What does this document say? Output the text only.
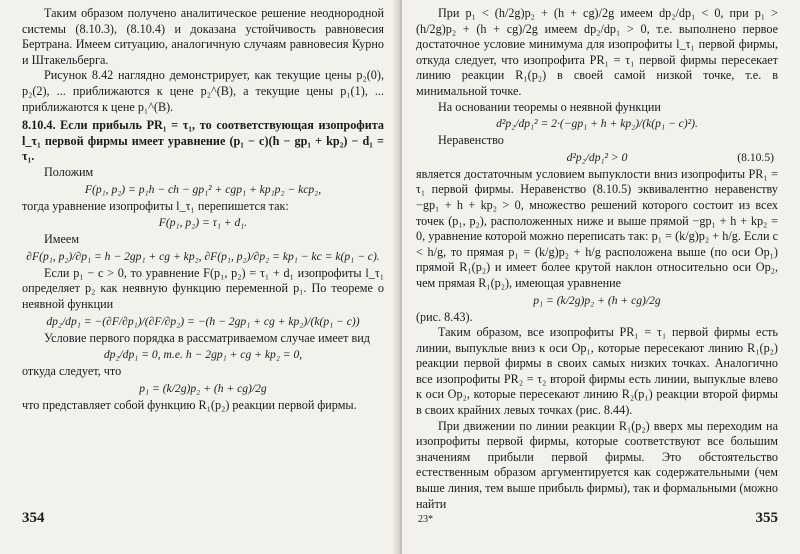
Таким образом получено аналитическое решение неоднородной системы (8.10.3), (8.10.4) и доказана устойчивость равновесия Бертрана. Имеем ситуацию, аналогичную случаям равновесия Курно и Штакельберга.

Рисунок 8.42 наглядно демонстрирует, как текущие цены p₂(0), p₂(2), ... приближаются к цене p₂^(B), а текущие цены p₁(1), ... приближаются к цене p₁^(B).

8.10.4. Если прибыль PR₁ = τ₁, то соответствующая изопрофита l_τ₁ первой фирмы имеет уравнение (p₁ − c)(h − gp₁ + kp₂) − d₁ = τ₁.

Положим

F(p₁, p₂) = p₁h − ch − gp₁² + cgp₁ + kp₁p₂ − kcp₂,

тогда уравнение изопрофиты l_τ₁ перепишется так:

F(p₁, p₂) = τ₁ + d₁.

Имеем

∂F(p₁, p₂)/∂p₁ = h − 2gp₁ + cg + kp₂, ∂F(p₁, p₂)/∂p₂ = kp₁ − kc = k(p₁ − c).

Если p₁ − c > 0, то уравнение F(p₁, p₂) = τ₁ + d₁ изопрофиты l_τ₁ определяет p₂ как неявную функцию переменной p₁. По теореме о неявной функции

dp₂/dp₁ = −(∂F/∂p₁)/(∂F/∂p₂) = −(h − 2gp₁ + cg + kp₂)/(k(p₁ − c))

Условие первого порядка в рассматриваемом случае имеет вид

dp₂/dp₁ = 0, т.е. h − 2gp₁ + cg + kp₂ = 0,

откуда следует, что

p₁ = (k/2g)p₂ + (h + cg)/2g

что представляет собой функцию R₁(p₂) реакции первой фирмы.

354

При p₁ < (h/2g)p₂ + (h + cg)/2g имеем dp₂/dp₁ < 0, при p₁ > (h/2g)p₂ + (h + cg)/2g имеем dp₂/dp₁ > 0, т.е. выполнено первое достаточное условие минимума для изопрофиты l_τ₁ первой фирмы, откуда следует, что изопрофита PR₁ = τ₁ первой фирмы пересекает линию реакции R₁(p₂) в своей самой низкой точке, т.е. в минимальной точке.

На основании теоремы о неявной функции

d²p₂/dp₁² = 2·(−gp₁ + h + kp₂)/(k(p₁ − c)²).

Неравенство

d²p₂/dp₁² > 0	(8.10.5)

является достаточным условием выпуклости вниз изопрофиты PR₁ = τ₁ первой фирмы. Неравенство (8.10.5) эквивалентно неравенству −gp₁ + h + kp₂ > 0, множество решений которого состоит из всех точек (p₁, p₂), расположенных ниже и выше прямой −gp₁ + h + kp₂ = 0, уравнение которой можно переписать так: p₁ = (k/g)p₂ + h/g. Если c < h/g, то прямая p₁ = (k/g)p₂ + h/g расположена выше (по оси Op₁) прямой R₁(p₂) и имеет более крутой наклон относительно оси Op₂, чем прямая R₁(p₂), имеющая уравнение

p₁ = (k/2g)p₂ + (h + cg)/2g

(рис. 8.43).

Таким образом, все изопрофиты PR₁ = τ₁ первой фирмы есть линии, выпуклые вниз к оси Op₁, которые пересекают линию R₁(p₂) реакции первой фирмы в своих самых низких точках. Аналогично все изопрофиты PR₂ = τ₂ второй фирмы есть линии, выпуклые влево к оси Op₂, которые пересекают линию R₂(p₁) реакции второй фирмы в своих крайних левых точках (рис. 8.44).

При движении по линии реакции R₁(p₂) вверх мы переходим на изопрофиты первой фирмы, которые соответствуют все большим значениям прибыли первой фирмы. Это обстоятельство естественным образом аргументируется как содержательными (чем выше линия, тем выше прибыль фирмы), так и формальными (можно найти

23*	355
